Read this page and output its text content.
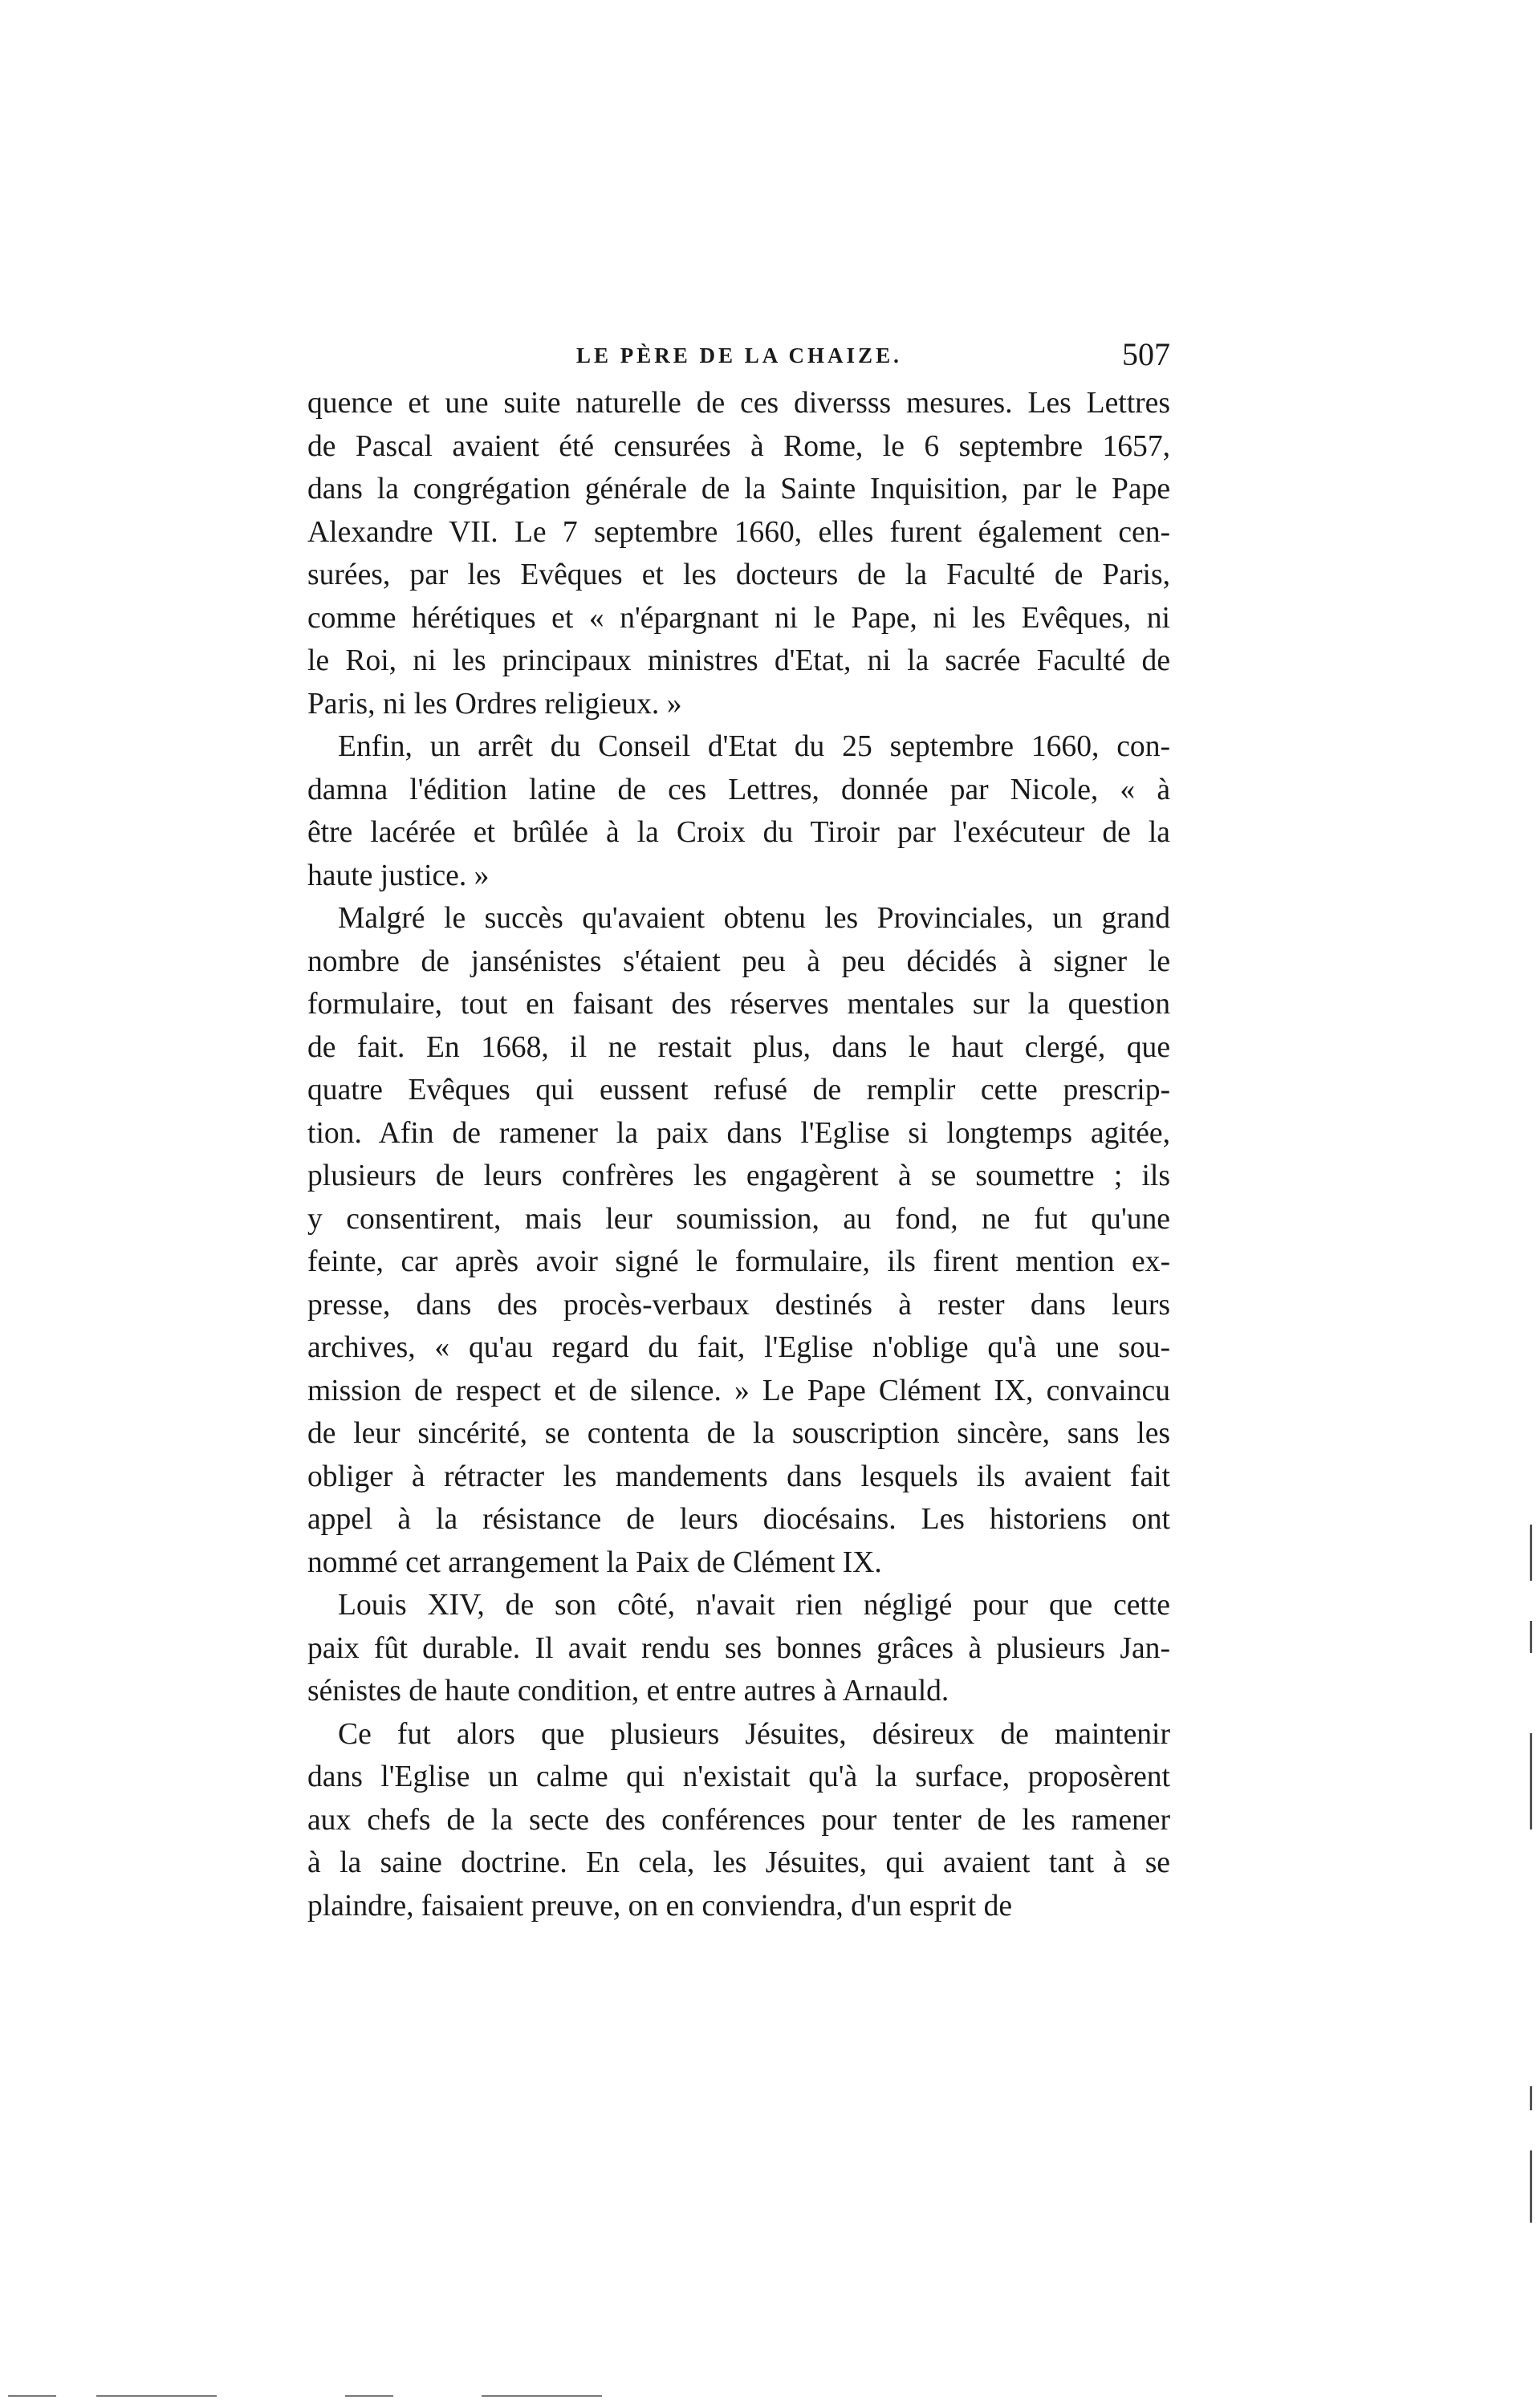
LE PÈRE DE LA CHAIZE.	507
quence et une suite naturelle de ces diversss mesures. Les Lettres
de Pascal avaient été censurées à Rome, le 6 septembre 1657,
dans la congrégation générale de la Sainte Inquisition, par le Pape
Alexandre VII. Le 7 septembre 1660, elles furent également cen-
surées, par les Evêques et les docteurs de la Faculté de Paris,
comme hérétiques et « n'épargnant ni le Pape, ni les Evêques, ni
le Roi, ni les principaux ministres d'Etat, ni la sacrée Faculté de
Paris, ni les Ordres religieux. »
Enfin, un arrêt du Conseil d'Etat du 25 septembre 1660, con-
damna l'édition latine de ces Lettres, donnée par Nicole, « à
être lacérée et brûlée à la Croix du Tiroir par l'exécuteur de la
haute justice. »
Malgré le succès qu'avaient obtenu les Provinciales, un grand
nombre de jansénistes s'étaient peu à peu décidés à signer le
formulaire, tout en faisant des réserves mentales sur la question
de fait. En 1668, il ne restait plus, dans le haut clergé, que
quatre Evêques qui eussent refusé de remplir cette prescrip-
tion. Afin de ramener la paix dans l'Eglise si longtemps agitée,
plusieurs de leurs confrères les engagèrent à se soumettre ; ils
y consentirent, mais leur soumission, au fond, ne fut qu'une
feinte, car après avoir signé le formulaire, ils firent mention ex-
presse, dans des procès-verbaux destinés à rester dans leurs
archives, « qu'au regard du fait, l'Eglise n'oblige qu'à une sou-
mission de respect et de silence. » Le Pape Clément IX, convaincu
de leur sincérité, se contenta de la souscription sincère, sans les
obliger à rétracter les mandements dans lesquels ils avaient fait
appel à la résistance de leurs diocésains. Les historiens ont
nommé cet arrangement la Paix de Clément IX.
Louis XIV, de son côté, n'avait rien négligé pour que cette
paix fût durable. Il avait rendu ses bonnes grâces à plusieurs Jan-
sénistes de haute condition, et entre autres à Arnauld.
Ce fut alors que plusieurs Jésuites, désireux de maintenir
dans l'Eglise un calme qui n'existait qu'à la surface, proposèrent
aux chefs de la secte des conférences pour tenter de les ramener
à la saine doctrine. En cela, les Jésuites, qui avaient tant à se
plaindre, faisaient preuve, on en conviendra, d'un esprit de
